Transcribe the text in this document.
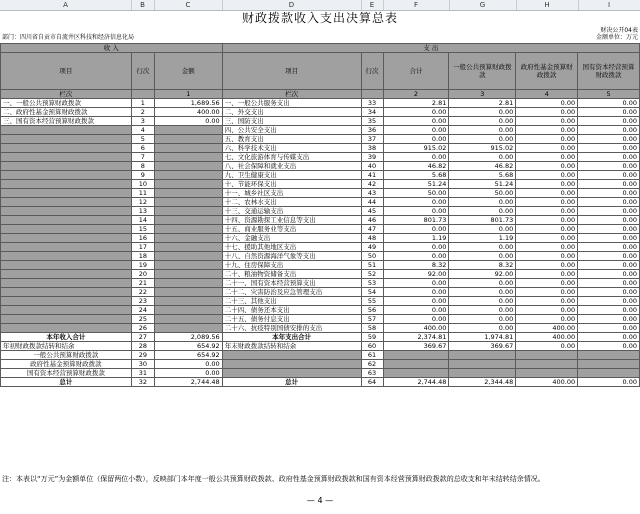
A	B	C	D	E	F	G	H	I
财政拨款收入支出决算总表
财决公开04表
部门：四川省自贡市自流井区科技和经济信息化局	金额单位：万元
收 入			支 出					
项目	行次	金额	项目	行次	合计	一般公共预算财政拨款	政府性基金预算财政拨款	国有资本经营预算财政拨款
栏次		1	栏次		2	3	4	5
一、一般公共预算财政拨款	1	1,689.56	一、一般公共服务支出	33	2.81	2.81	0.00	0.00
二、政府性基金预算财政拨款	2	400.00	二、外交支出	34	0.00	0.00	0.00	0.00
三、国有资本经营预算财政拨款	3	0.00	三、国防支出	35	0.00	0.00	0.00	0.00
	4		四、公共安全支出	36	0.00	0.00	0.00	0.00
	5		五、教育支出	37	0.00	0.00	0.00	0.00
	6		六、科学技术支出	38	915.02	915.02	0.00	0.00
	7		七、文化旅游体育与传媒支出	39	0.00	0.00	0.00	0.00
	8		八、社会保障和就业支出	40	46.82	46.82	0.00	0.00
	9		九、卫生健康支出	41	5.68	5.68	0.00	0.00
	10		十、节能环保支出	42	51.24	51.24	0.00	0.00
	11		十一、城乡社区支出	43	50.00	50.00	0.00	0.00
	12		十二、农林水支出	44	0.00	0.00	0.00	0.00
	13		十三、交通运输支出	45	0.00	0.00	0.00	0.00
	14		十四、资源勘探工业信息等支出	46	801.73	801.73	0.00	0.00
	15		十五、商业服务业等支出	47	0.00	0.00	0.00	0.00
	16		十六、金融支出	48	1.19	1.19	0.00	0.00
	17		十七、援助其他地区支出	49	0.00	0.00	0.00	0.00
	18		十八、自然资源海洋气象等支出	50	0.00	0.00	0.00	0.00
	19		十九、住房保障支出	51	8.32	8.32	0.00	0.00
	20		二十、粮油物资储备支出	52	92.00	92.00	0.00	0.00
	21		二十一、国有资本经营预算支出	53	0.00	0.00	0.00	0.00
	22		二十二、灾害防治及应急管理支出	54	0.00	0.00	0.00	0.00
	23		二十三、其他支出	55	0.00	0.00	0.00	0.00
	24		二十四、债务还本支出	56	0.00	0.00	0.00	0.00
	25		二十五、债务付息支出	57	0.00	0.00	0.00	0.00
	26		二十六、抗疫特别国债安排的支出	58	400.00	0.00	400.00	0.00
本年收入合计	27	2,089.56	本年支出合计	59	2,374.81	1,974.81	400.00	0.00
年初财政拨款结转和结余	28	654.92	年末财政拨款结转和结余	60	369.67	369.67	0.00	0.00
一般公共预算财政拨款	29	654.92		61				
政府性基金预算财政拨款	30	0.00		62				
国有资本经营预算财政拨款	31	0.00		63				
总计	32	2,744.48	总计	64	2,744.48	2,344.48	400.00	0.00
注：本表以“万元”为金额单位（保留两位小数），反映部门本年度一般公共预算财政拨款、政府性基金预算财政拨款和国有资本经营预算财政拨款的总收支和年末结转结余情况。
— 4 —
